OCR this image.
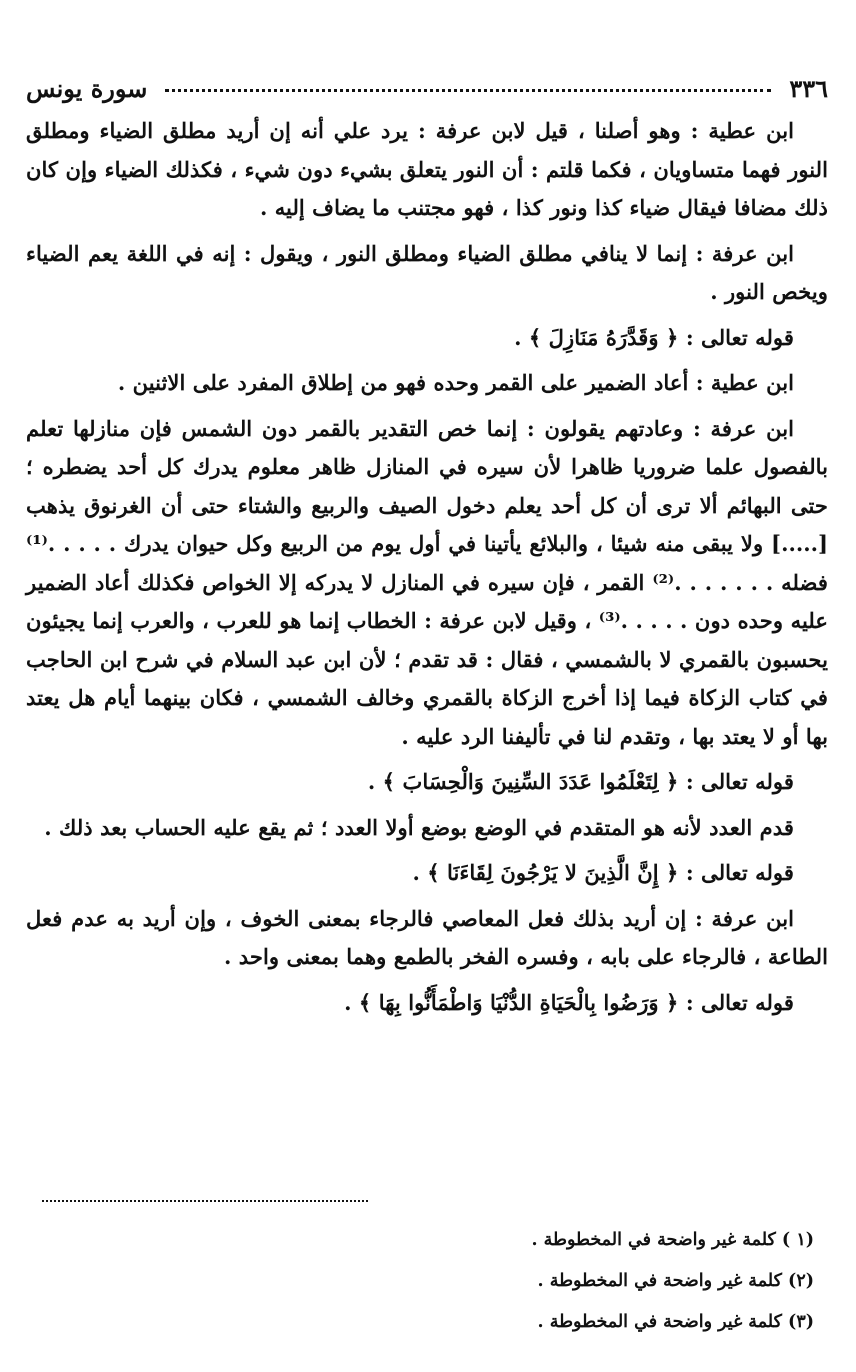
سورة يونس	٣٣٦

ابن عطية : وهو أصلنا ، قيل لابن عرفة : يرد علي أنه إن أريد مطلق الضياء ومطلق النور فهما متساويان ، فكما قلتم : أن النور يتعلق بشيء دون شيء ، فكذلك الضياء وإن كان ذلك مضافا فيقال ضياء كذا ونور كذا ، فهو مجتنب ما يضاف إليه .

ابن عرفة : إنما لا ينافي مطلق الضياء ومطلق النور ، ويقول : إنه في اللغة يعم الضياء ويخص النور .

قوله تعالى : ﴿ وَقَدَّرَهُ مَنَازِلَ ﴾ .

ابن عطية : أعاد الضمير على القمر وحده فهو من إطلاق المفرد على الاثنين .

ابن عرفة : وعادتهم يقولون : إنما خص التقدير بالقمر دون الشمس فإن منازلها تعلم بالفصول علما ضروريا ظاهرا لأن سيره في المنازل ظاهر معلوم يدرك كل أحد يضطره ؛حتى البهائم ألا ترى أن كل أحد يعلم دخول الصيف والربيع والشتاء حتى أن الغرنوق يذهب [.....] ولا يبقى منه شيئا ، والبلائع يأتينا في أول يوم من الربيع وكل حيوان يدرك . . . . .⁽¹⁾ فضله . . . . . . .⁽²⁾ القمر ، فإن سيره في المنازل لا يدركه إلا الخواص فكذلك أعاد الضمير عليه وحده دون . . . . .⁽³⁾ ، وقيل لابن عرفة : الخطاب إنما هو للعرب ، والعرب إنما يجيئون يحسبون بالقمري لا بالشمسي ، فقال : قد تقدم ؛ لأن ابن عبد السلام في شرح ابن الحاجب في كتاب الزكاة فيما إذا أخرج الزكاة بالقمري وخالف الشمسي ، فكان بينهما أيام هل يعتد بها أو لا يعتد بها ، وتقدم لنا في تأليفنا الرد عليه .

قوله تعالى : ﴿ لِتَعْلَمُوا عَدَدَ السِّنِينَ وَالْحِسَابَ ﴾ .

قدم العدد لأنه هو المتقدم في الوضع بوضع أولا العدد ؛ ثم يقع عليه الحساب بعد ذلك .

قوله تعالى : ﴿ إِنَّ الَّذِينَ لا يَرْجُونَ لِقَاءَنَا ﴾ .

ابن عرفة : إن أريد بذلك فعل المعاصي فالرجاء بمعنى الخوف ، وإن أريد به عدم فعل الطاعة ، فالرجاء على بابه ، وفسره الفخر بالطمع وهما بمعنى واحد .

قوله تعالى : ﴿ وَرَضُوا بِالْحَيَاةِ الدُّنْيَا وَاطْمَأَنُّوا بِهَا ﴾ .

(١ ) كلمة غير واضحة في المخطوطة .

(٢) كلمة غير واضحة في المخطوطة .

(٣) كلمة غير واضحة في المخطوطة .
